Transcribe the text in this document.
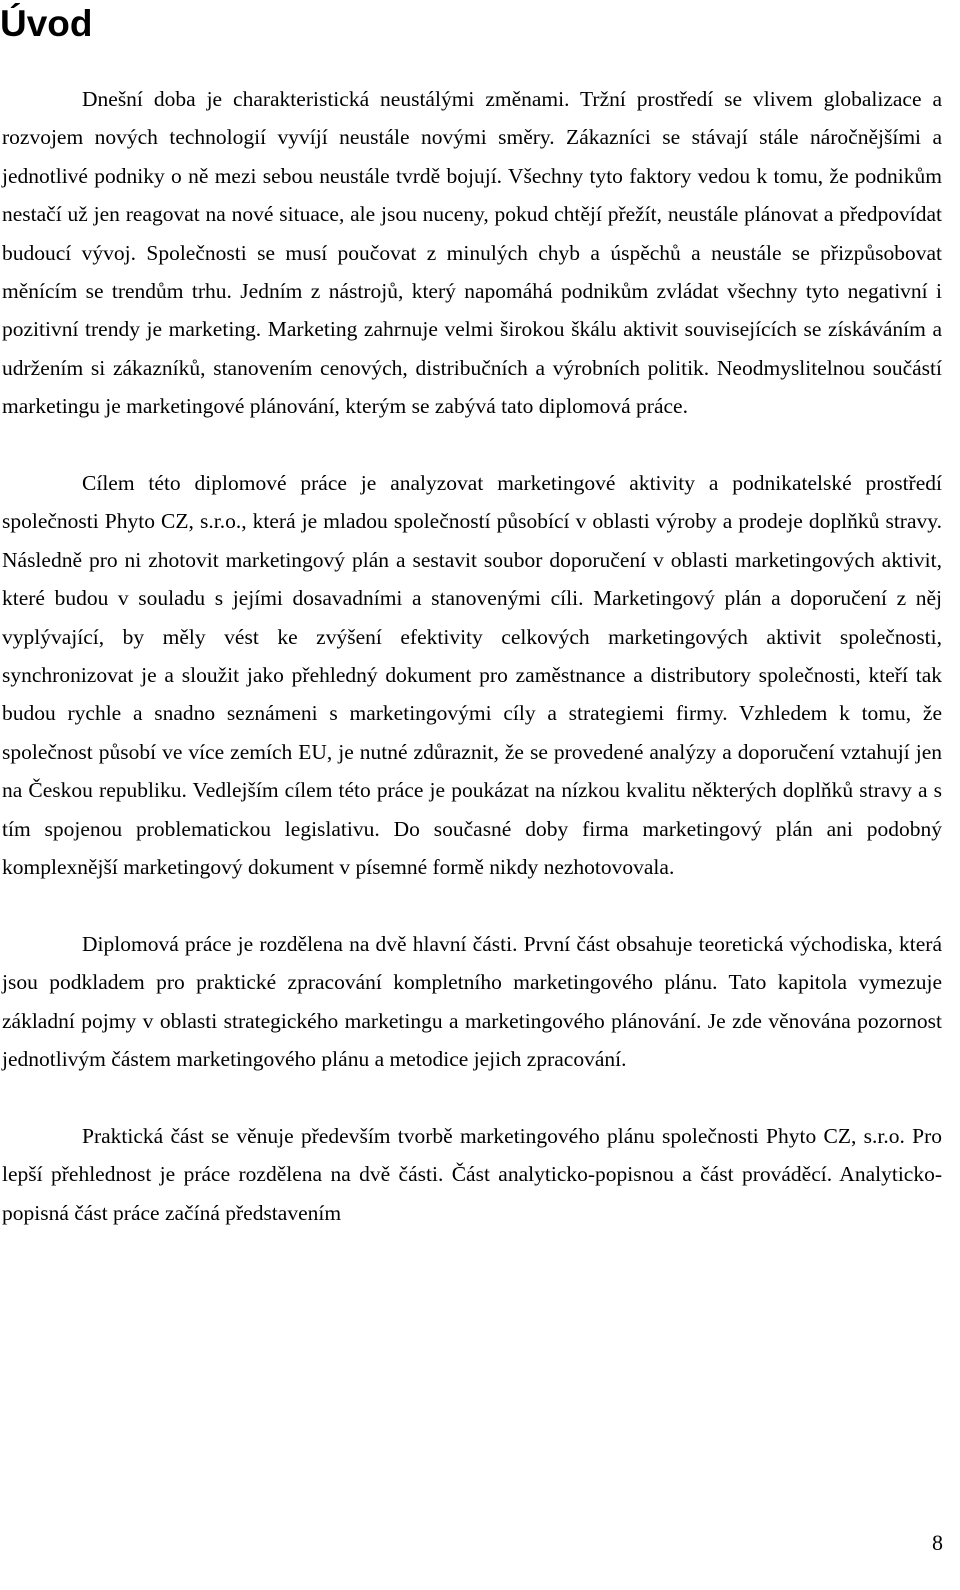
Úvod

Dnešní doba je charakteristická neustálými změnami. Tržní prostředí se vlivem globalizace a rozvojem nových technologií vyvíjí neustále novými směry. Zákazníci se stávají stále náročnějšími a jednotlivé podniky o ně mezi sebou neustále tvrdě bojují. Všechny tyto faktory vedou k tomu, že podnikům nestačí už jen reagovat na nové situace, ale jsou nuceny, pokud chtějí přežít, neustále plánovat a předpovídat budoucí vývoj. Společnosti se musí poučovat z minulých chyb a úspěchů a neustále se přizpůsobovat měnícím se trendům trhu. Jedním z nástrojů, který napomáhá podnikům zvládat všechny tyto negativní i pozitivní trendy je marketing. Marketing zahrnuje velmi širokou škálu aktivit souvisejících se získáváním a udržením si zákazníků, stanovením cenových, distribučních a výrobních politik. Neodmyslitelnou součástí marketingu je marketingové plánování, kterým se zabývá tato diplomová práce.

Cílem této diplomové práce je analyzovat marketingové aktivity a podnikatelské prostředí společnosti Phyto CZ, s.r.o., která je mladou společností působící v oblasti výroby a prodeje doplňků stravy. Následně pro ni zhotovit marketingový plán a sestavit soubor doporučení v oblasti marketingových aktivit, které budou v souladu s jejími dosavadními a stanovenými cíli. Marketingový plán a doporučení z něj vyplývající, by měly vést ke zvýšení efektivity celkových marketingových aktivit společnosti, synchronizovat je a sloužit jako přehledný dokument pro zaměstnance a distributory společnosti, kteří tak budou rychle a snadno seznámeni s marketingovými cíly a strategiemi firmy. Vzhledem k tomu, že společnost působí ve více zemích EU, je nutné zdůraznit, že se provedené analýzy a doporučení vztahují jen na Českou republiku. Vedlejším cílem této práce je poukázat na nízkou kvalitu některých doplňků stravy a s tím spojenou problematickou legislativu. Do současné doby firma marketingový plán ani podobný komplexnější marketingový dokument v písemné formě nikdy nezhotovovala.

Diplomová práce je rozdělena na dvě hlavní části. První část obsahuje teoretická východiska, která jsou podkladem pro praktické zpracování kompletního marketingového plánu. Tato kapitola vymezuje základní pojmy v oblasti strategického marketingu a marketingového plánování. Je zde věnována pozornost jednotlivým částem marketingového plánu a metodice jejich zpracování.

Praktická část se věnuje především tvorbě marketingového plánu společnosti Phyto CZ, s.r.o. Pro lepší přehlednost je práce rozdělena na dvě části. Část analyticko-popisnou a část prováděcí. Analyticko-popisná část práce začíná představením

8
